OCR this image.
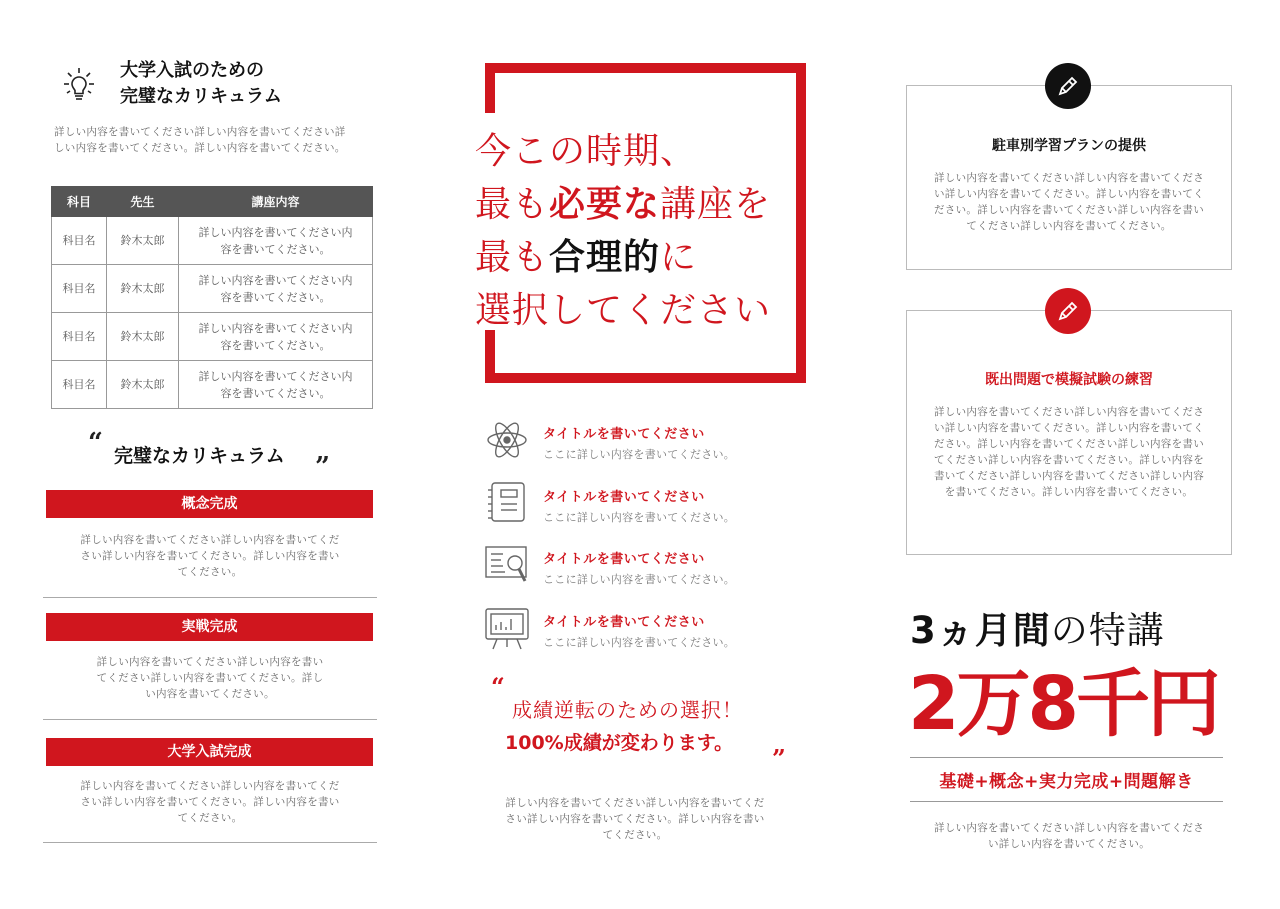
大学入試のための
完璧なカリキュラム
詳しい内容を書いてください詳しい内容を書いてください詳しい内容を書いてください。詳しい内容を書いてください。
科目	先生	講座内容
科目名	鈴木太郎	詳しい内容を書いてください内容を書いてください。
科目名	鈴木太郎	詳しい内容を書いてください内容を書いてください。
科目名	鈴木太郎	詳しい内容を書いてください内容を書いてください。
科目名	鈴木太郎	詳しい内容を書いてください内容を書いてください。
“ 完璧なカリキュラム ”
概念完成
詳しい内容を書いてください詳しい内容を書いてください詳しい内容を書いてください。詳しい内容を書いてください。
実戦完成
詳しい内容を書いてください詳しい内容を書いてください詳しい内容を書いてください。詳しい内容を書いてください。
大学入試完成
詳しい内容を書いてください詳しい内容を書いてください詳しい内容を書いてください。詳しい内容を書いてください。
今この時期、
最も必要な講座を
最も合理的に
選択してください
タイトルを書いてください
ここに詳しい内容を書いてください。
タイトルを書いてください
ここに詳しい内容を書いてください。
タイトルを書いてください
ここに詳しい内容を書いてください。
タイトルを書いてください
ここに詳しい内容を書いてください。
“
成績逆転のための選択！
100%成績が変わります。
”
詳しい内容を書いてください詳しい内容を書いてください詳しい内容を書いてください。詳しい内容を書いてください。
駐車別学習プランの提供
詳しい内容を書いてください詳しい内容を書いてください詳しい内容を書いてください。詳しい内容を書いてください。詳しい内容を書いてください詳しい内容を書いてください詳しい内容を書いてください。
既出問題で模擬試験の練習
詳しい内容を書いてください詳しい内容を書いてください詳しい内容を書いてください。詳しい内容を書いてください。詳しい内容を書いてください詳しい内容を書いてください詳しい内容を書いてください。詳しい内容を書いてください詳しい内容を書いてください詳しい内容を書いてください。詳しい内容を書いてください。
3ヵ月間の特講
2万8千円
基礎+概念+実力完成+問題解き
詳しい内容を書いてください詳しい内容を書いてください詳しい内容を書いてください。
